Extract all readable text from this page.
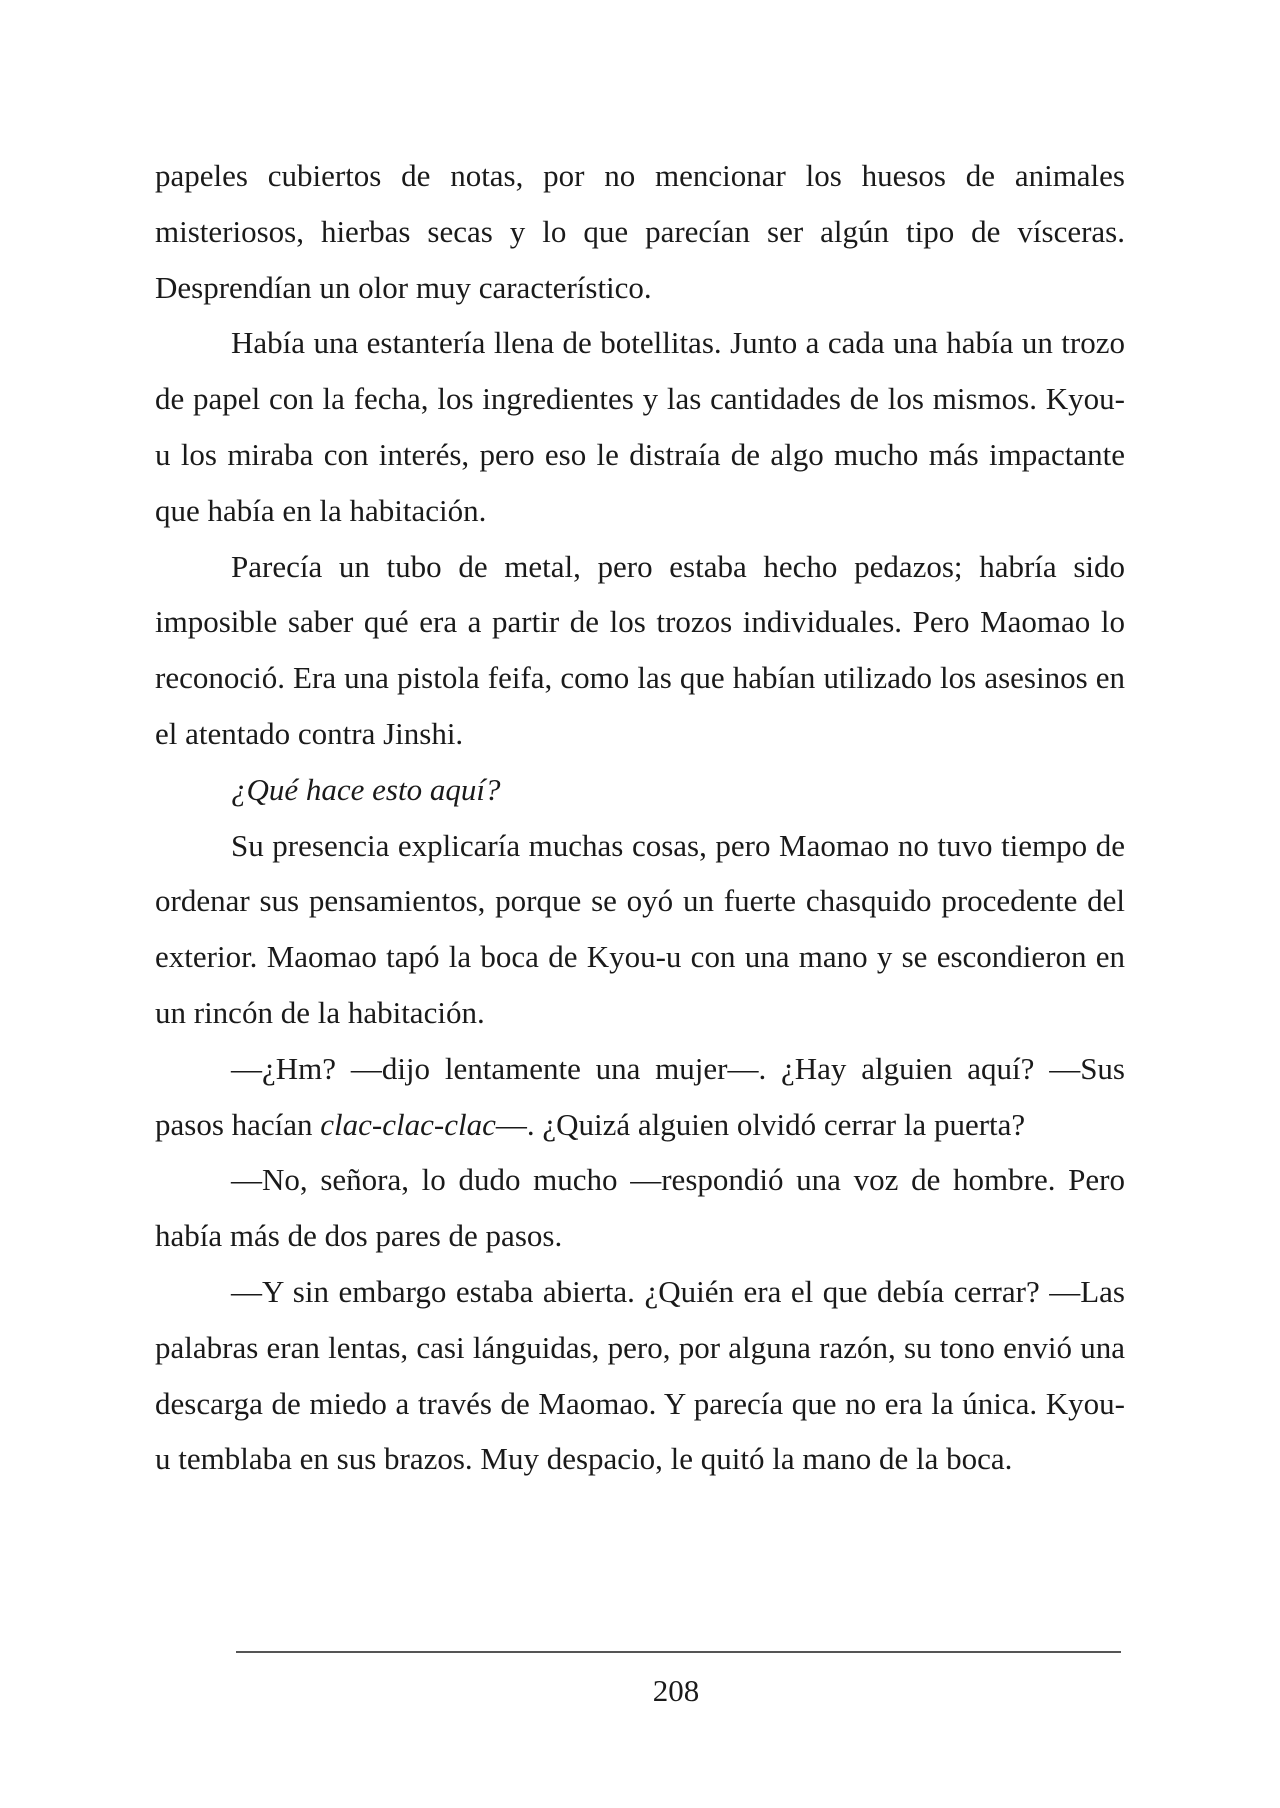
papeles cubiertos de notas, por no mencionar los huesos de animales misteriosos, hierbas secas y lo que parecían ser algún tipo de vísceras. Desprendían un olor muy característico.

Había una estantería llena de botellitas. Junto a cada una había un trozo de papel con la fecha, los ingredientes y las cantidades de los mismos. Kyou-u los miraba con interés, pero eso le distraía de algo mucho más impactante que había en la habitación.

Parecía un tubo de metal, pero estaba hecho pedazos; habría sido imposible saber qué era a partir de los trozos individuales. Pero Maomao lo reconoció. Era una pistola feifa, como las que habían utilizado los asesinos en el atentado contra Jinshi.

¿Qué hace esto aquí?

Su presencia explicaría muchas cosas, pero Maomao no tuvo tiempo de ordenar sus pensamientos, porque se oyó un fuerte chasquido procedente del exterior. Maomao tapó la boca de Kyou-u con una mano y se escondieron en un rincón de la habitación.

—¿Hm? —dijo lentamente una mujer—. ¿Hay alguien aquí? —Sus pasos hacían clac-clac-clac—. ¿Quizá alguien olvidó cerrar la puerta?

—No, señora, lo dudo mucho —respondió una voz de hombre. Pero había más de dos pares de pasos.

—Y sin embargo estaba abierta. ¿Quién era el que debía cerrar? —Las palabras eran lentas, casi lánguidas, pero, por alguna razón, su tono envió una descarga de miedo a través de Maomao. Y parecía que no era la única. Kyou-u temblaba en sus brazos. Muy despacio, le quitó la mano de la boca.

208
